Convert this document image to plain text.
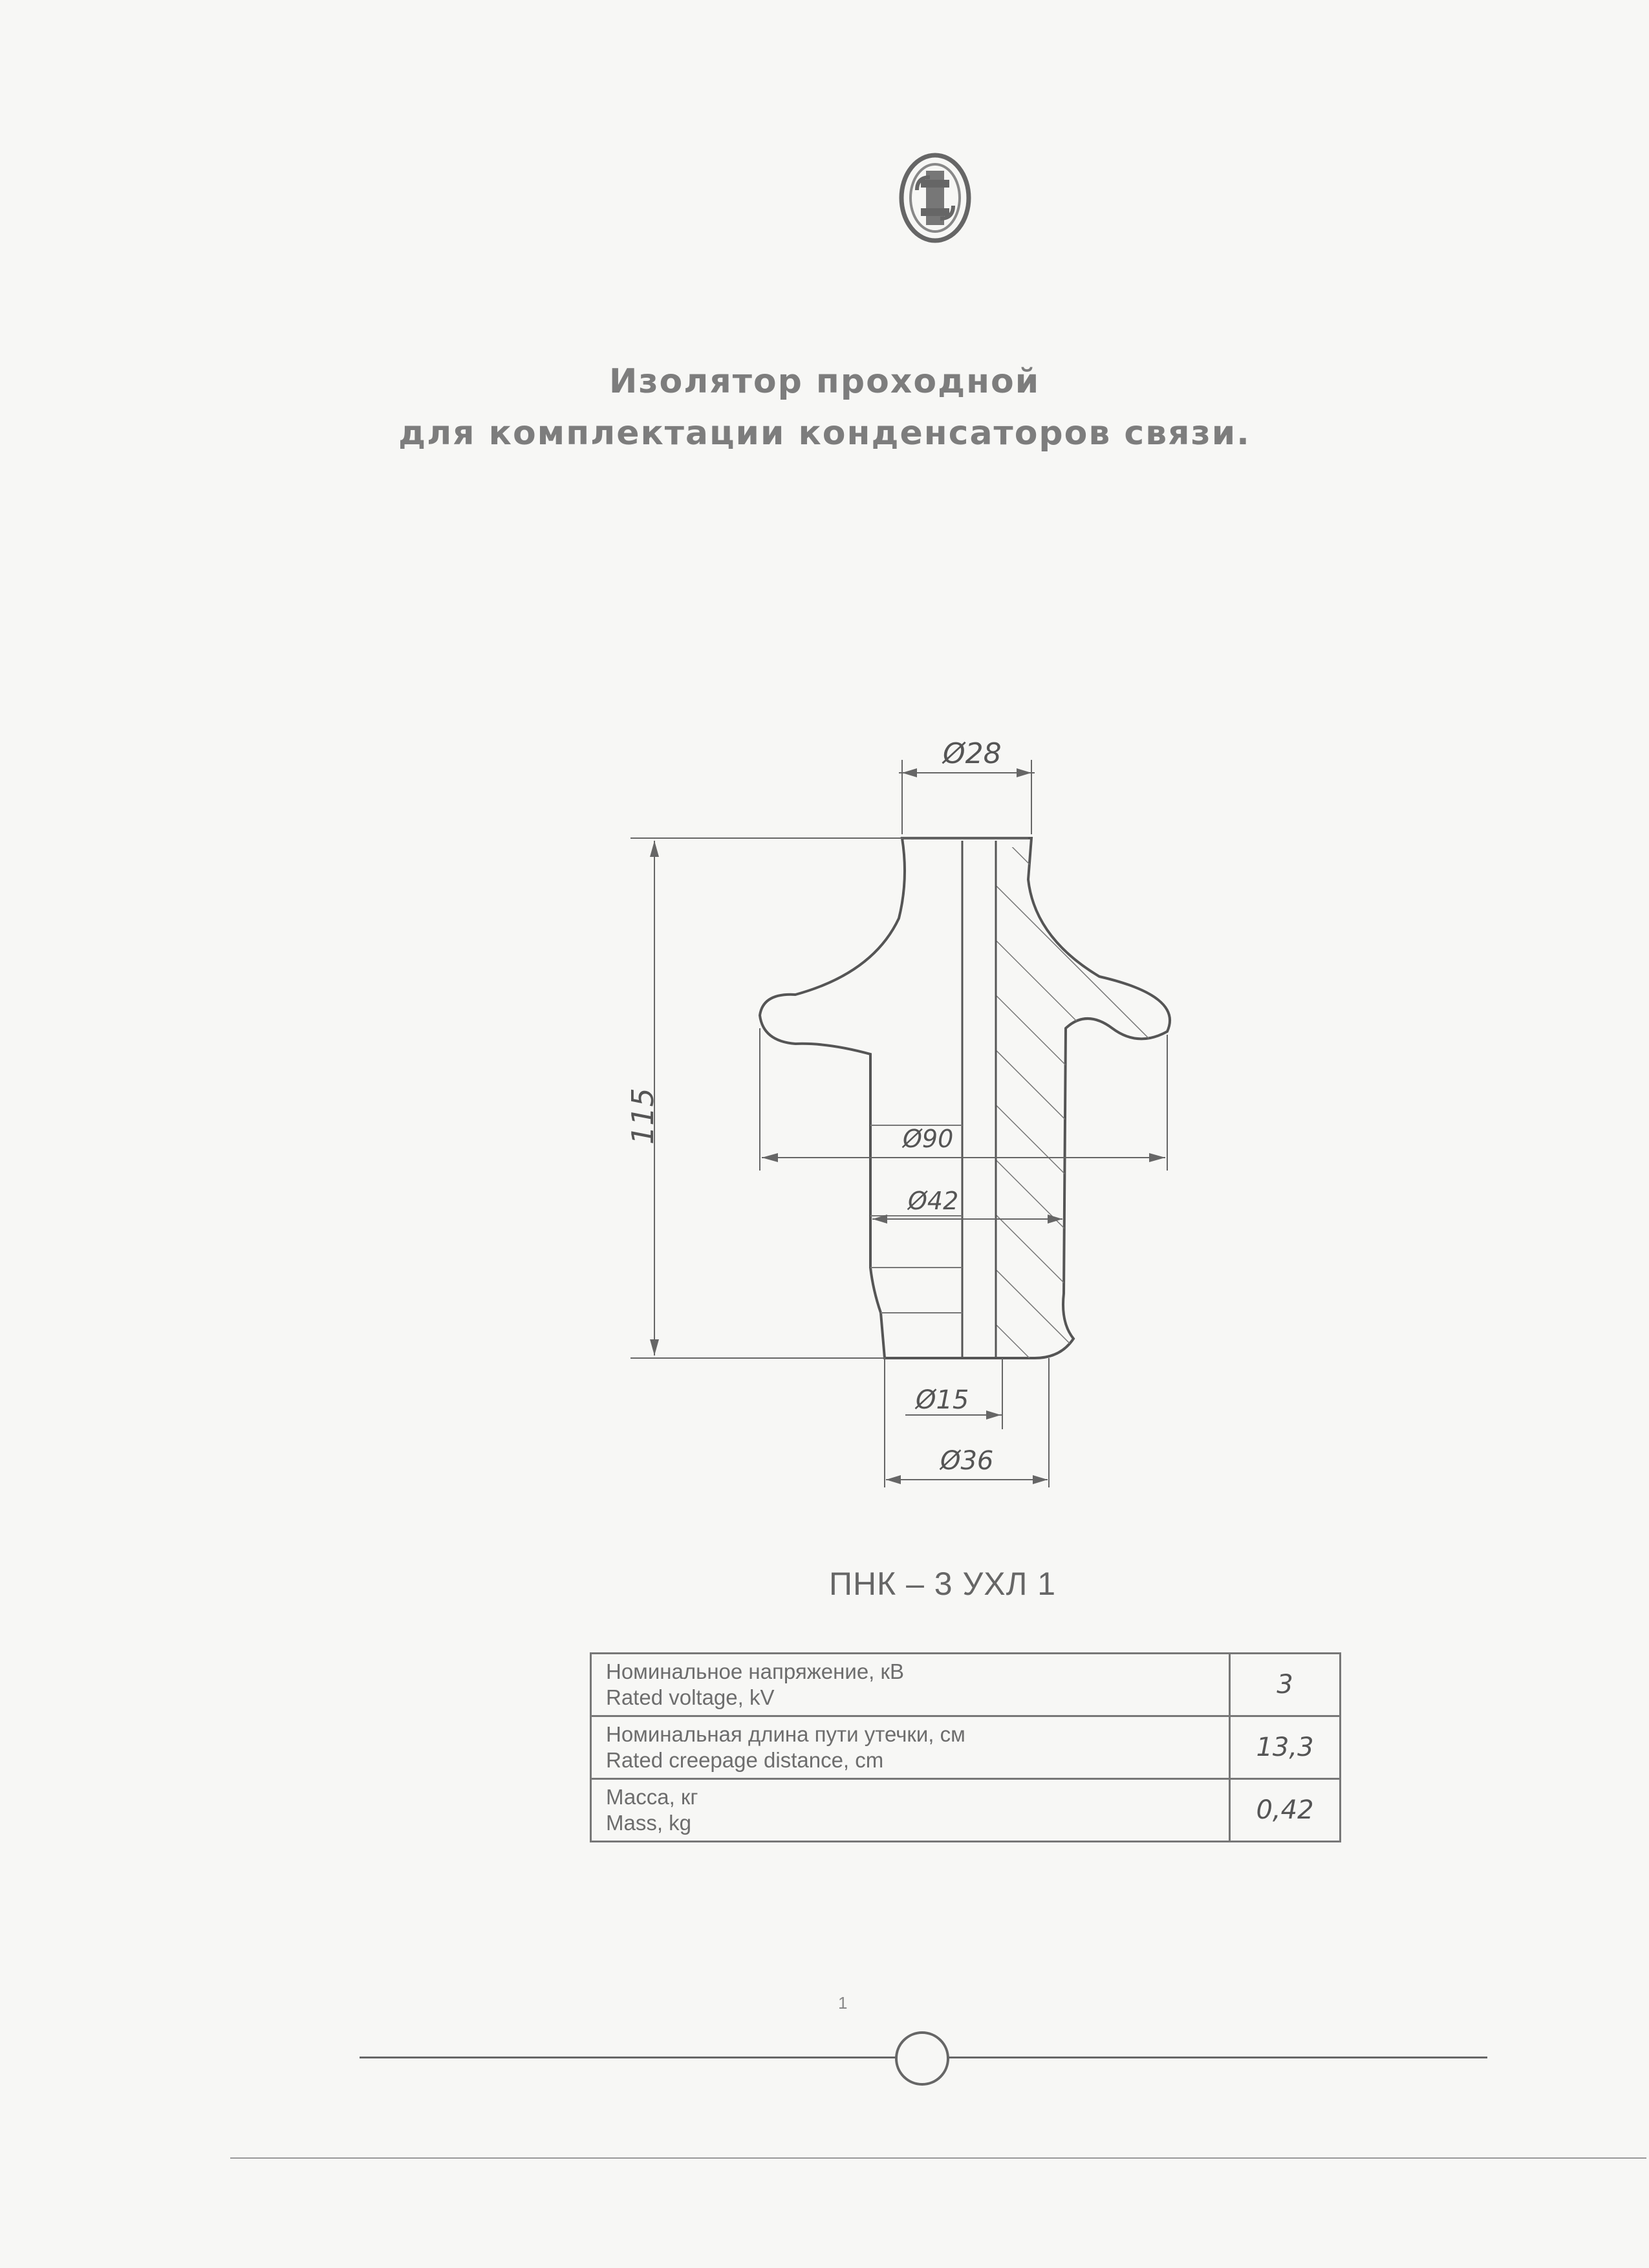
Изолятор проходной
для комплектации конденсаторов связи.
Ø28
115	Ø90
Ø42
Ø15
Ø36
ПНК – 3 УХЛ 1
Номинальное напряжение, кВ
Rated voltage, kV	3

Номинальная длина пути утечки, см
Rated creepage distance, cm	13,3

Масса, кг
Mass, kg	0,42
1
